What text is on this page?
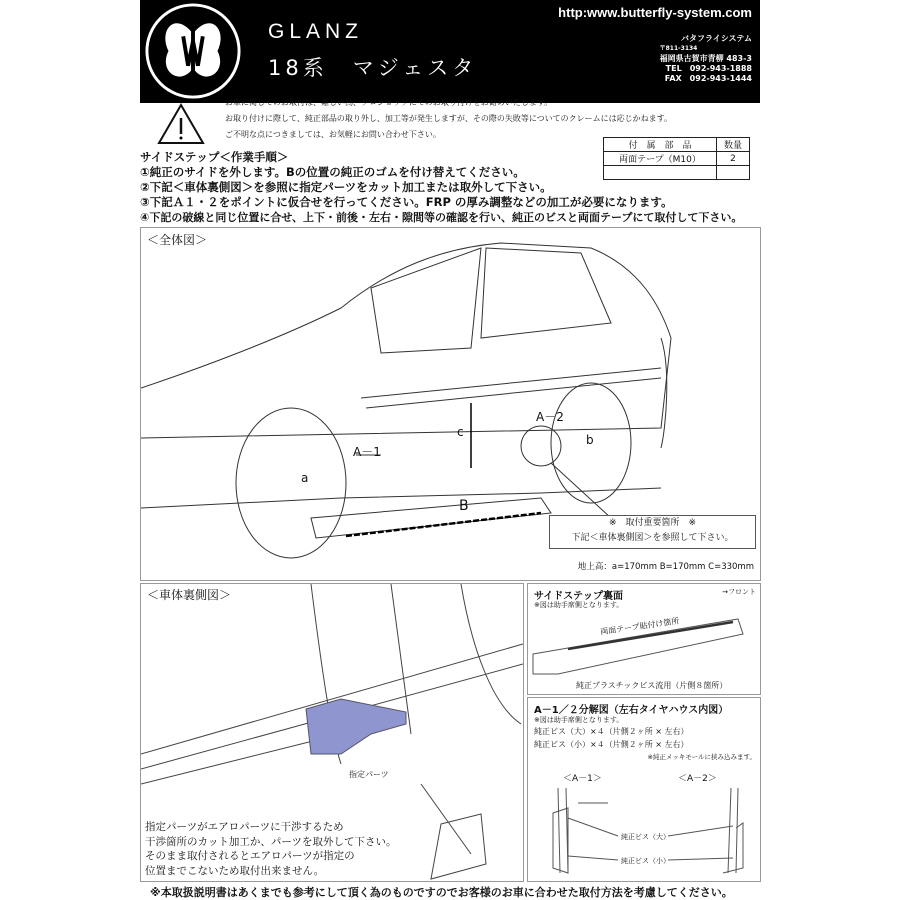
GLANZ
18系　マジェスタ
http:www.butterfly-system.com
バタフライシステム
〒811-3134
福岡県古賀市青柳 483-3
TEL　092-943-1888
FAX　092-943-1444
お車に関してのお取付は、難しい為、プロショップにてのお取り付けをお勧めいたします。
お取り付けに際して、純正部品の取り外し、加工等が発生しますが、その際の失敗等についてのクレームには応じかねます。
ご不明な点につきましては、お気軽にお問い合わせ下さい。
付　属　部　品	数量
両面テープ（M10）	2

サイドステップ＜作業手順＞
①純正のサイドを外します。Bの位置の純正のゴムを付け替えてください。
②下記＜車体裏側図＞を参照に指定パーツをカット加工または取外して下さい。
③下記Ａ１・２をポイントに仮合せを行ってください。FRP の厚み調整などの加工が必要になります。
④下記の破線と同じ位置に合せ、上下・前後・左右・隙間等の確認を行い、純正のビスと両面テープにて取付して下さい。
＜全体図＞
A－1
A－2
a
b
c
B
※　取付重要箇所　※
下記＜車体裏側図＞を参照して下さい。
地上高：a=170mm B=170mm C=330mm
＜車体裏側図＞
指定パーツ
指定パーツがエアロパーツに干渉するため
干渉箇所のカット加工か、パーツを取外して下さい。
そのまま取付されるとエアロパーツが指定の
位置までこないため取付出来ません。
サイドステップ裏面	→フロント
※図は助手席側となります。
両面テープ貼付け箇所
純正プラスチックビス流用（片側８箇所）
A－1／２分解図（左右タイヤハウス内図）
※図は助手席側となります。
純正ビス（大）×４（片側２ヶ所 × 左右）
純正ビス（小）×４（片側２ヶ所 × 左右）
※純正メッキモールに挟み込みます。
＜A－1＞	＜A－2＞
純正ビス（大）
純正ビス（小）
※本取扱説明書はあくまでも参考にして頂く為のものですのでお客様のお車に合わせた取付方法を考慮してください。
